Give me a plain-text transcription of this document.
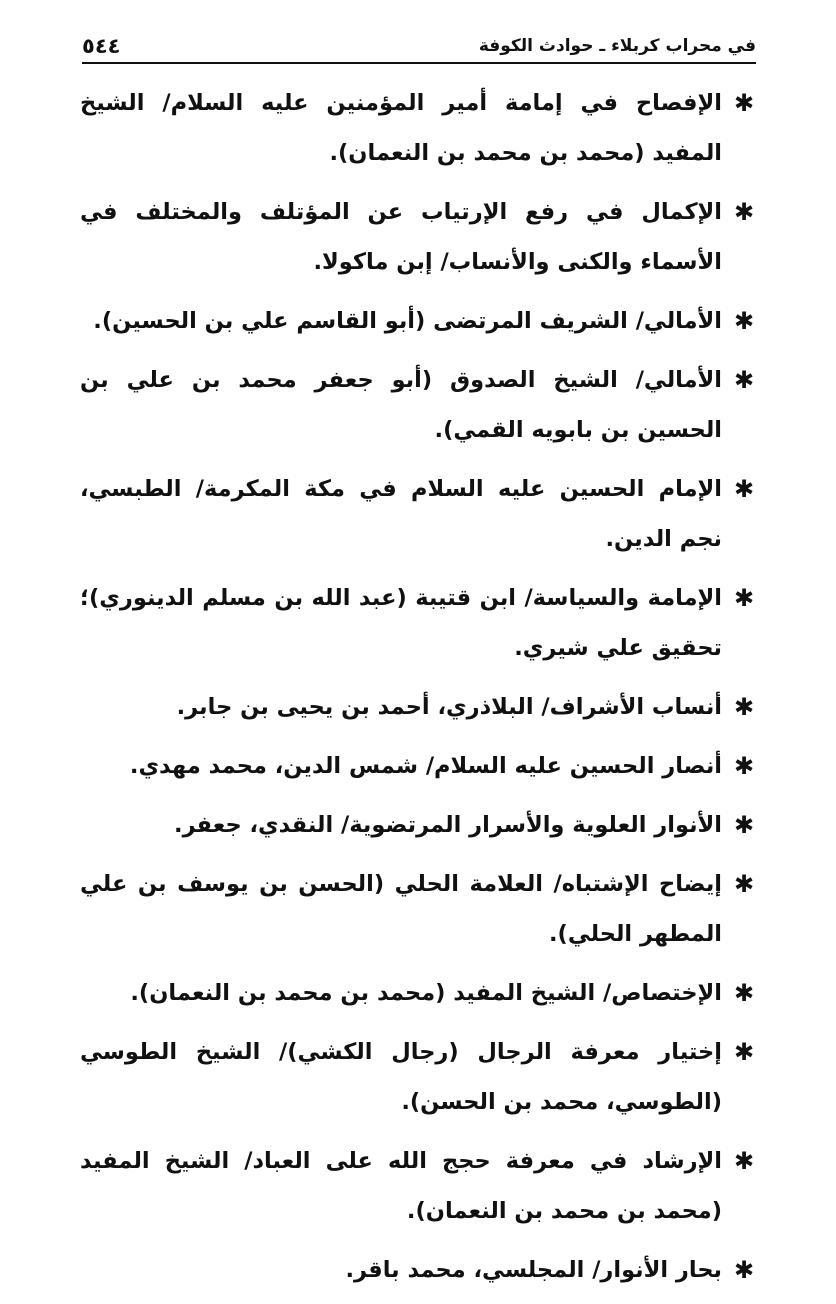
في محراب كربلاء ـ حوادث الكوفة
٥٤٤
✱
الإفصاح في إمامة أمير المؤمنين عليه السلام/ الشيخ المفيد (محمد بن محمد بن النعمان).
✱
الإكمال في رفع الإرتياب عن المؤتلف والمختلف في الأسماء والكنى والأنساب/ إبن ماكولا.
✱
الأمالي/ الشريف المرتضى (أبو القاسم علي بن الحسين).
✱
الأمالي/ الشيخ الصدوق (أبو جعفر محمد بن علي بن الحسين بن بابويه القمي).
✱
الإمام الحسين عليه السلام في مكة المكرمة/ الطبسي، نجم الدين.
✱
الإمامة والسياسة/ ابن قتيبة (عبد الله بن مسلم الدينوري)؛ تحقيق علي شيري.
✱
أنساب الأشراف/ البلاذري، أحمد بن يحيى بن جابر.
✱
أنصار الحسين عليه السلام/ شمس الدين، محمد مهدي.
✱
الأنوار العلوية والأسرار المرتضوية/ النقدي، جعفر.
✱
إيضاح الإشتباه/ العلامة الحلي (الحسن بن يوسف بن علي المطهر الحلي).
✱
الإختصاص/ الشيخ المفيد (محمد بن محمد بن النعمان).
✱
إختيار معرفة الرجال (رجال الكشي)/ الشيخ الطوسي (الطوسي، محمد بن الحسن).
✱
الإرشاد في معرفة حجج الله على العباد/ الشيخ المفيد (محمد بن محمد بن النعمان).
✱
بحار الأنوار/ المجلسي، محمد باقر.
